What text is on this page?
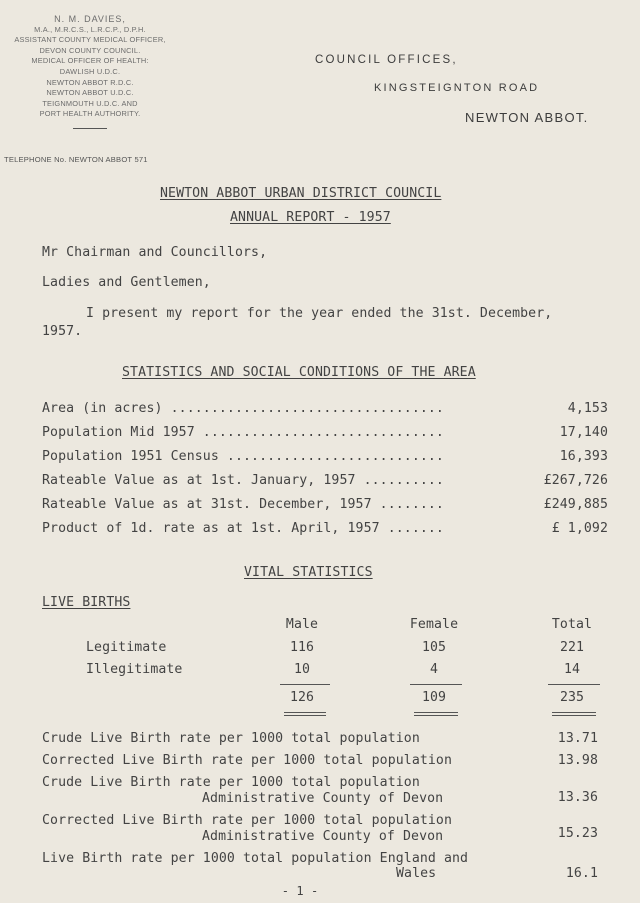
N. M. DAVIES,
M.A., M.R.C.S., L.R.C.P., D.P.H.
ASSISTANT COUNTY MEDICAL OFFICER,
DEVON COUNTY COUNCIL.
MEDICAL OFFICER OF HEALTH:
DAWLISH U.D.C.
NEWTON ABBOT R.D.C.
NEWTON ABBOT U.D.C.
TEIGNMOUTH U.D.C. AND
PORT HEALTH AUTHORITY.
TELEPHONE No. NEWTON ABBOT 571
COUNCIL OFFICES,
KINGSTEIGNTON ROAD
NEWTON ABBOT.
NEWTON ABBOT URBAN DISTRICT COUNCIL
ANNUAL REPORT - 1957
Mr Chairman and Councillors,
Ladies and Gentlemen,
I present my report for the year ended the 31st. December,
1957.
STATISTICS AND SOCIAL CONDITIONS OF THE AREA
Area (in acres) ..................................	4,153
Population Mid 1957 ..............................	17,140
Population 1951 Census ...........................	16,393
Rateable Value as at 1st. January, 1957 ..........	£267,726
Rateable Value as at 31st. December, 1957 ........	£249,885
Product of 1d. rate as at 1st. April, 1957 .......	£ 1,092
VITAL STATISTICS
LIVE BIRTHS
Male	Female	Total
Legitimate	116	105	221
Illegitimate	10	4	14
126	109	235
Crude Live Birth rate per 1000 total population	13.71
Corrected Live Birth rate per 1000 total population	13.98
Crude Live Birth rate per 1000 total population
Administrative County of Devon	13.36
Corrected Live Birth rate per 1000 total population
Administrative County of Devon	15.23
Live Birth rate per 1000 total population England and
Wales	16.1
- 1 -
